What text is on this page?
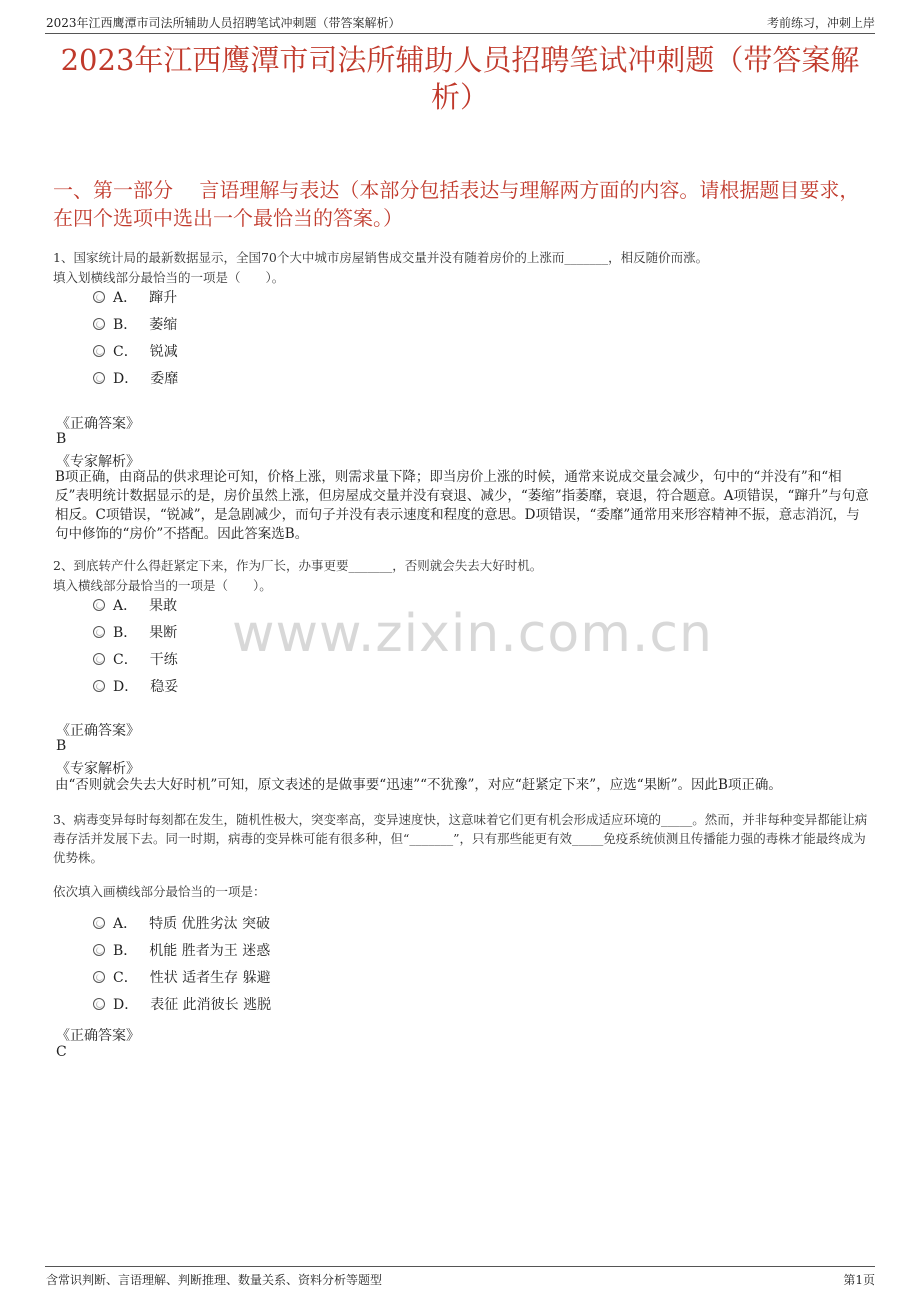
2023年江西鹰潭市司法所辅助人员招聘笔试冲刺题（带答案解析）	考前练习，冲刺上岸
2023年江西鹰潭市司法所辅助人员招聘笔试冲刺题（带答案解析）
一、第一部分　 言语理解与表达（本部分包括表达与理解两方面的内容。请根据题目要求，在四个选项中选出一个最恰当的答案。）
www.zixin.com.cn
1、国家统计局的最新数据显示，全国70个大中城市房屋销售成交量并没有随着房价的上涨而_______，相反随价而涨。
填入划横线部分最恰当的一项是（　　）。
A． 蹿升
B． 萎缩
C． 锐减
D． 委靡
《正确答案》
B
《专家解析》
B项正确，由商品的供求理论可知，价格上涨，则需求量下降；即当房价上涨的时候，通常来说成交量会减少，句中的“并没有”和“相反”表明统计数据显示的是，房价虽然上涨，但房屋成交量并没有衰退、减少，“萎缩”指萎靡，衰退，符合题意。A项错误，“蹿升”与句意相反。C项错误，“锐减”，是急剧减少，而句子并没有表示速度和程度的意思。D项错误，“委靡”通常用来形容精神不振，意志消沉，与句中修饰的“房价”不搭配。因此答案选B。
2、到底转产什么得赶紧定下来，作为厂长，办事更要_______，否则就会失去大好时机。
填入横线部分最恰当的一项是（　　）。
A． 果敢
B． 果断
C． 干练
D． 稳妥
《正确答案》
B
《专家解析》
由“否则就会失去大好时机”可知，原文表述的是做事要“迅速”“不犹豫”，对应“赶紧定下来”，应选“果断”。因此B项正确。
3、病毒变异每时每刻都在发生，随机性极大，突变率高，变异速度快，这意味着它们更有机会形成适应环境的_____。然而，并非每种变异都能让病毒存活并发展下去。同一时期，病毒的变异株可能有很多种，但“_______”，只有那些能更有效_____免疫系统侦测且传播能力强的毒株才能最终成为优势株。
依次填入画横线部分最恰当的一项是：
A． 特质 优胜劣汰 突破
B． 机能 胜者为王 迷惑
C． 性状 适者生存 躲避
D． 表征 此消彼长 逃脱
《正确答案》
C
含常识判断、言语理解、判断推理、数量关系、资料分析等题型	第1页
